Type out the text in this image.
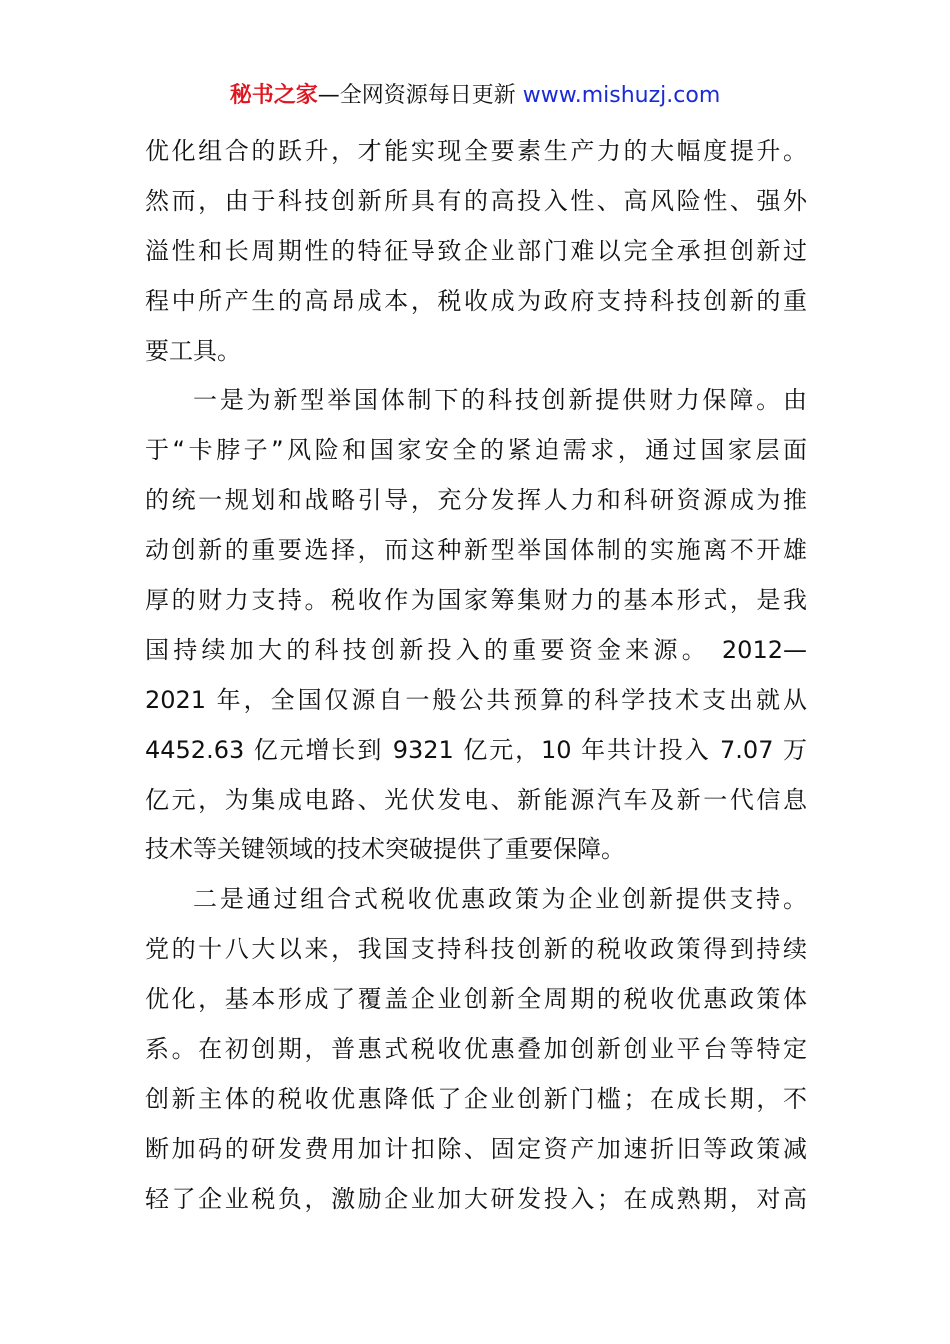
秘书之家—全网资源每日更新 www.mishuzj.com
优化组合的跃升，才能实现全要素生产力的大幅度提升。
然而，由于科技创新所具有的高投入性、高风险性、强外
溢性和长周期性的特征导致企业部门难以完全承担创新过
程中所产生的高昂成本，税收成为政府支持科技创新的重
要工具。
一是为新型举国体制下的科技创新提供财力保障。由
于“卡脖子”风险和国家安全的紧迫需求，通过国家层面
的统一规划和战略引导，充分发挥人力和科研资源成为推
动创新的重要选择，而这种新型举国体制的实施离不开雄
厚的财力支持。税收作为国家筹集财力的基本形式，是我
国持续加大的科技创新投入的重要资金来源。 2012—
2021 年，全国仅源自一般公共预算的科学技术支出就从
4452.63 亿元增长到 9321 亿元，10 年共计投入 7.07 万
亿元，为集成电路、光伏发电、新能源汽车及新一代信息
技术等关键领域的技术突破提供了重要保障。
二是通过组合式税收优惠政策为企业创新提供支持。
党的十八大以来，我国支持科技创新的税收政策得到持续
优化，基本形成了覆盖企业创新全周期的税收优惠政策体
系。在初创期，普惠式税收优惠叠加创新创业平台等特定
创新主体的税收优惠降低了企业创新门槛；在成长期，不
断加码的研发费用加计扣除、固定资产加速折旧等政策减
轻了企业税负，激励企业加大研发投入；在成熟期，对高
